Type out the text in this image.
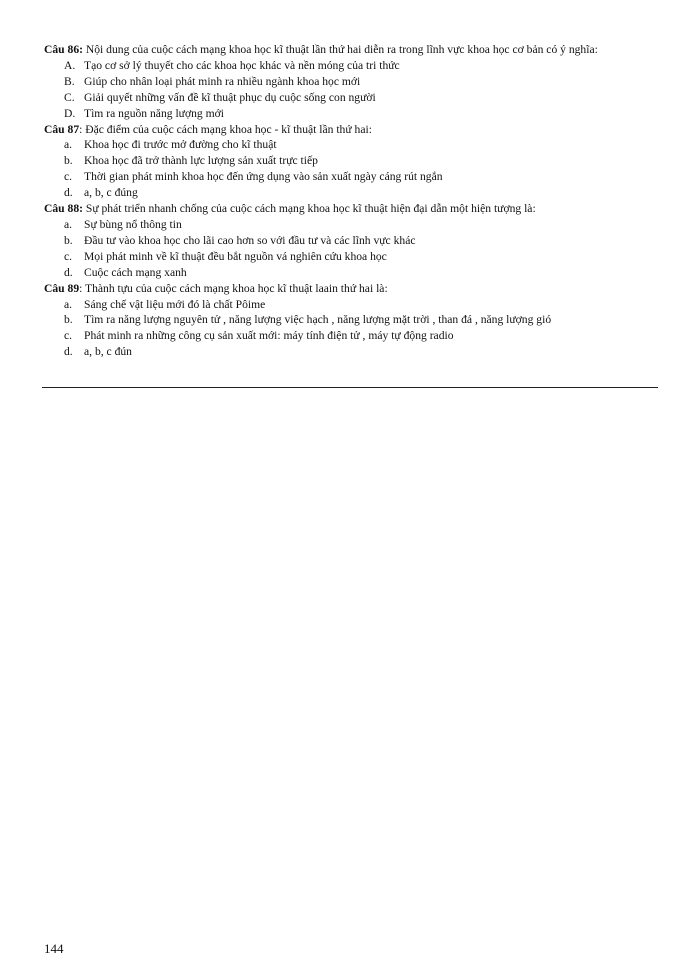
Câu 86: Nội dung của cuộc cách mạng khoa học kĩ thuật lần thứ hai diễn ra trong lĩnh vực khoa học cơ bản có ý nghĩa:

A. Tạo cơ sở lý thuyết cho các khoa học khác và nền móng của tri thức
B. Giúp cho nhân loại phát minh ra nhiều ngành khoa học mới
C. Giải quyết những vấn đề kĩ thuật phục dụ cuộc sống con người
D. Tìm ra nguồn năng lượng mới

Câu 87: Đặc điểm của cuộc cách mạng khoa học - kĩ thuật lần thứ hai:

a.	Khoa học đi trước mở đường cho kĩ thuật
b. Khoa học đã trở thành lực lượng sản xuất trực tiếp
c.	Thời gian phát minh khoa học đến ứng dụng vào sản xuất ngày cáng rút ngắn
d. a, b, c đúng

Câu 88: Sự phát triển nhanh chống của cuộc cách mạng khoa học kĩ thuật hiện đại dẫn một hiện tượng là:

a.	Sự bùng nổ thông tin
b. Đầu tư vào khoa học cho lãi cao hơn so với đầu tư và các lĩnh vực khác
c.	Mọi phát minh về kĩ thuật đều bắt nguồn vá nghiên cứu khoa học
d. Cuộc cách mạng xanh

Câu 89: Thành tựu của cuộc cách mạng khoa học kĩ thuật laain thứ hai là:

a.	Sáng chế vật liệu mới đó là chất Pôime
b. Tìm ra năng lượng nguyên tử , năng lượng việc hạch , năng lượng mặt trời , than đá , năng lượng gió
c.	Phát minh ra những công cụ sản xuất mới: máy tính điện tử , máy tự động radio
d. a, b, c đún
144
